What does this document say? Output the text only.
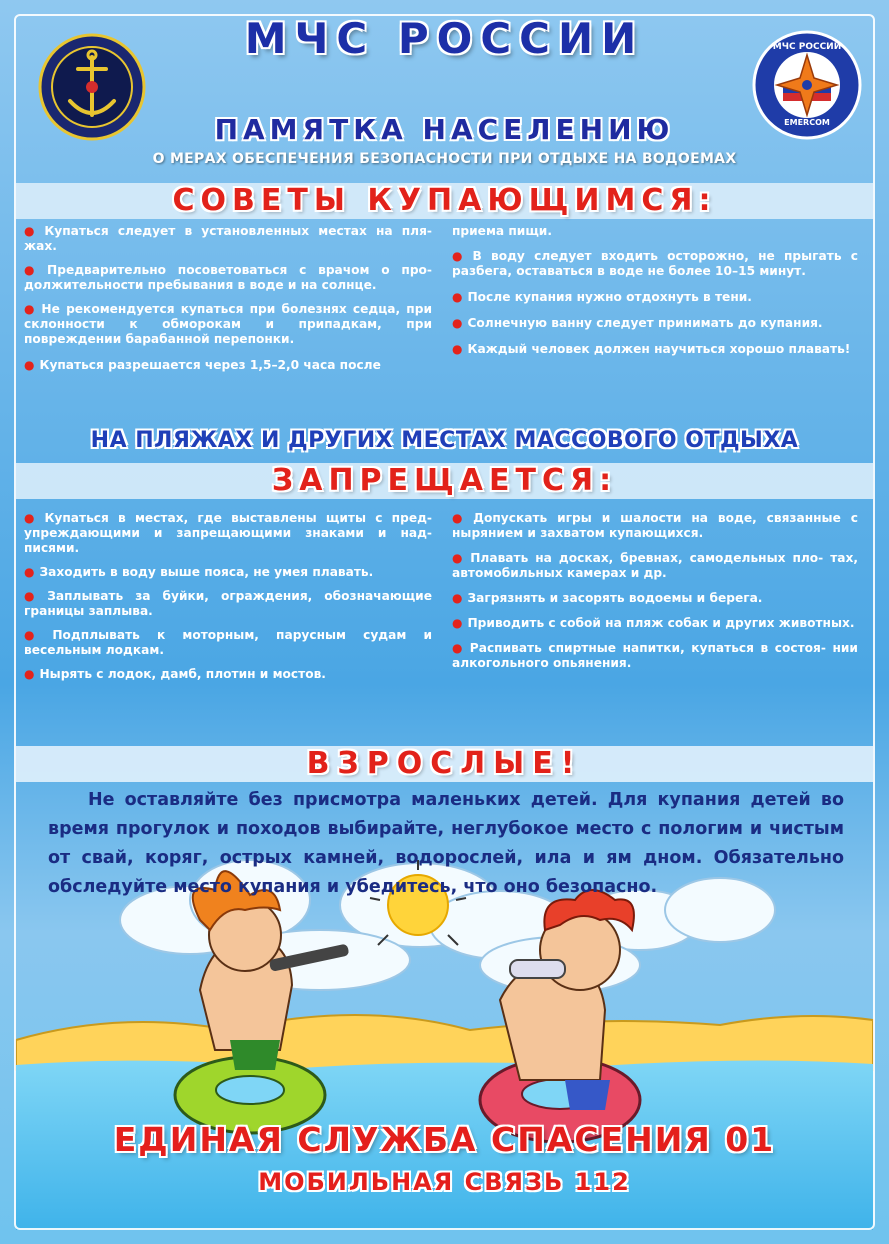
МЧС РОССИИ
EMERCOM
МЧС РОССИИ
ПАМЯТКА НАСЕЛЕНИЮ
О МЕРАХ ОБЕСПЕЧЕНИЯ БЕЗОПАСНОСТИ ПРИ ОТДЫХЕ НА ВОДОЕМАХ
СОВЕТЫ КУПАЮЩИМСЯ:

● Купаться следует в установленных местах на пля- жах.

● Предварительно посоветоваться с врачом о про- должительности пребывания в воде и на солнце.

● Не рекомендуется купаться при болезнях седца, при склонности к обморокам и припадкам, при повреждении барабанной перепонки.

● Купаться разрешается через 1,5–2,0 часа после

приема пищи.

● В воду следует входить осторожно, не прыгать с разбега, оставаться в воде не более 10–15 минут.

● После купания нужно отдохнуть в тени.

● Солнечную ванну следует принимать до купания.

● Каждый человек должен научиться хорошо плавать!

НА ПЛЯЖАХ И ДРУГИХ МЕСТАХ МАССОВОГО ОТДЫХА
ЗАПРЕЩАЕТСЯ:

● Купаться в местах, где выставлены щиты с пред- упреждающими и запрещающими знаками и над- писями.

● Заходить в воду выше пояса, не умея плавать.

● Заплывать за буйки, ограждения, обозначающие границы заплыва.

● Подплывать к моторным, парусным судам и весельным лодкам.

● Нырять с лодок, дамб, плотин и мостов.

● Допускать игры и шалости на воде, связанные с нырянием и захватом купающихся.

● Плавать на досках, бревнах, самодельных пло- тах, автомобильных камерах и др.

● Загрязнять и засорять водоемы и берега.

● Приводить с собой на пляж собак и других животных.

● Распивать спиртные напитки, купаться в состоя- нии алкогольного опьянения.

ВЗРОСЛЫЕ!
Не оставляйте без присмотра маленьких детей. Для купания детей во время прогулок и походов выбирайте, неглубокое место с пологим и чистым от свай, коряг, острых камней, водорослей, ила и ям дном. Обязательно обследуйте место купания и убедитесь, что оно безопасно.
ЕДИНАЯ СЛУЖБА СПАСЕНИЯ 01
МОБИЛЬНАЯ СВЯЗЬ 112
